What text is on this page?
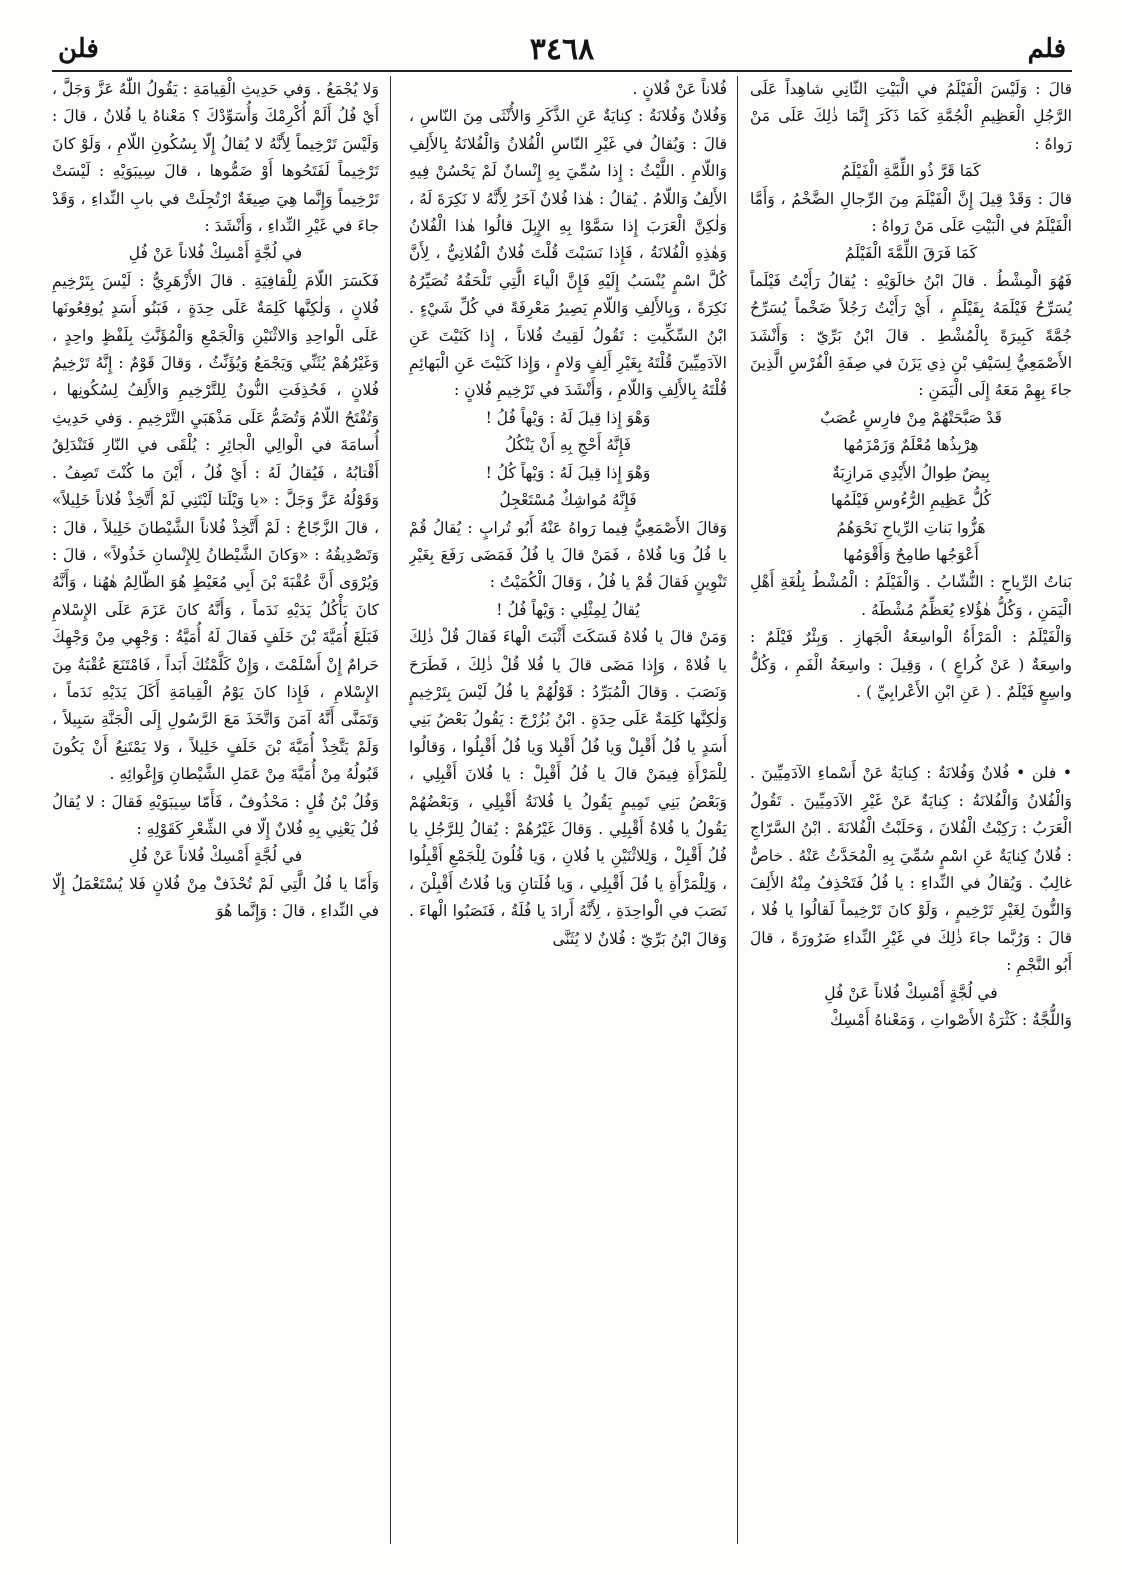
فلن	٣٤٦٨	فلم

قالَ : وَلَيْسَ الْفَيْلَمُ في الْبَيْتِ الثّانِي شاهِداً عَلَى الرَّجُلِ الْعَظِيمِ الْجُمَّةِ كَمَا ذَكَرَ إِنَّمَا ذٰلِكَ عَلَى مَنْ رَواهُ :

كَمَا قَرَّ ذُو اللِّمَّةِ الْفَيْلَمُ

قالَ : وَقَدْ قِيلَ إِنَّ الْفَيْلَمَ مِنَ الرِّجالِ الضَّخْمُ ، وَأَمَّا الْفَيْلَمُ في الْبَيْتِ عَلَى مَنْ رَواهُ :

كَمَا فَرَقَ اللِّمَّةَ الْفَيْلَمُ

فَهُوَ الْمِشْطُ . قالَ ابْنُ خالَوَيْهِ : يُقالُ رَأَيْتُ فَيْلَماً يُسَرِّحُ فَيْلَمَهُ بِفَيْلَمٍ ، أَيْ رَأَيْتُ رَجُلاً ضَخْماً يُسَرِّحُ جُمَّةً كَبِيرَةً بِالْمُشْطِ . قالَ ابْنُ بَرِّيّ : وَأَنْشَدَ الأَصْمَعِيُّ لِسَيْفِ بْنِ ذِي يَزَنَ في صِفَةِ الْفُرْسِ الَّذِينَ جاءَ بِهِمْ مَعَهُ إِلَى الْيَمَنِ :

قَدْ صَبَّحَتْهُمْ مِنْ فارِسٍ عُصَبٌ

هِرْبِذُها مُعْلَمٌ وَزَمْزَمُها

بِيضٌ طِوالُ الأَيْدِي مَرازِبَةٌ

كُلُّ عَظِيمِ الرُّءُوسِ فَيْلَمُها

هَزُّوا بَناتِ الرِّياحِ نَحْوَهُمُ

أَعْوَجُها طامِحٌ وَأَقْوَمُها

بَناتُ الرِّياحِ : النُّشّابُ . وَالْفَيْلَمُ : الْمُشْطُ بِلُغَةِ أَهْلِ الْيَمَنِ ، وَكُلُّ هٰؤُلاءِ يُعَظِّمُ مُشْطَهُ .

وَالْفَيْلَمُ : الْمَرْأَةُ الْواسِعَةُ الْجَهازِ . وَبِئْرٌ فَيْلَمٌ : واسِعَةٌ ( عَنْ كُراعٍ ) ، وَقِيلَ : واسِعَةُ الْفَمِ ، وَكُلُّ واسِعٍ فَيْلَمٌ . ( عَنِ ابْنِ الأَعْرابِيِّ ) .

• فلن • فُلانٌ وَفُلانَةُ : كِنايَةٌ عَنْ أَسْماءِ الآدَمِيِّينَ . وَالْفُلانُ وَالْفُلانَةُ : كِنايَةٌ عَنْ غَيْرِ الآدَمِيِّينَ . تَقُولُ الْعَرَبُ : رَكِبْتُ الْفُلانَ ، وَحَلَبْتُ الْفُلانَةَ . ابْنُ السَّرّاجِ : فُلانٌ كِنايَةٌ عَنِ اسْمٍ سُمِّيَ بِهِ الْمُحَدَّثُ عَنْهُ . خاصٌّ غالِبٌ . وَيُقالُ في النِّداءِ : يا فُلُ فَتَحْذِفُ مِنْهُ الأَلِفَ وَالنُّونَ لِغَيْرِ تَرْخِيمٍ ، وَلَوْ كانَ تَرْخِيماً لَقالُوا يا فُلا ، قالَ : وَرُبَّما جاءَ ذٰلِكَ في غَيْرِ النِّداءِ ضَرُورَةً ، قالَ أَبُو النَّجْمِ :

في لُجَّةٍ أَمْسِكْ فُلاناً عَنْ فُلِ

وَاللُّجَّةُ : كَثْرَةُ الأَصْواتِ ، وَمَعْناهُ أَمْسِكْ

فُلاناً عَنْ فُلانٍ .

وَفُلانٌ وَفُلانَةُ : كِنايَةٌ عَنِ الذَّكَرِ وَالأُنْثَى مِنَ النّاسِ ، قالَ : وَيُقالُ في غَيْرِ النّاسِ الْفُلانُ وَالْفُلانَةُ بِالأَلِفِ وَاللّامِ . اللَّيْثُ : إِذا سُمِّيَ بِهِ إِنْسانٌ لَمْ يَحْسُنْ فِيهِ الأَلِفُ وَاللّامُ . يُقالُ : هٰذا فُلانٌ آخَرُ لِأَنَّهُ لا نَكِرَةَ لَهُ ، وَلٰكِنَّ الْعَرَبَ إِذا سَمَّوْا بِهِ الإِبِلَ قالُوا هٰذا الْفُلانُ وَهٰذِهِ الْفُلانَةُ ، فَإِذا نَسَبْتَ قُلْتَ فُلانٌ الْفُلانِيُّ ، لِأَنَّ كُلَّ اسْمٍ يُنْسَبُ إِلَيْهِ فَإِنَّ الْياءَ الَّتِي تَلْحَقُهُ تُصَيِّرُهُ نَكِرَةً ، وَبِالأَلِفِ وَاللّامِ يَصِيرُ مَعْرِفَةً في كُلِّ شَيْءٍ . ابْنُ السِّكِّيتِ : تَقُولُ لَقِيتُ فُلاناً ، إِذا كَنَيْتَ عَنِ الآدَمِيِّينَ قُلْتَهُ بِغَيْرِ أَلِفٍ وَلامٍ ، وَإِذا كَنَيْتَ عَنِ الْبَهائِمِ قُلْتَهُ بِالأَلِفِ وَاللّامِ ، وَأَنْشَدَ في تَرْخِيمِ فُلانٍ :

وَهْوَ إِذا قِيلَ لَهُ : وَيْهاً فُلُ !

فَإِنَّهُ أَحْجِ بِهِ أَنْ يَنْكُلُ

وَهْوَ إِذا قِيلَ لَهُ : وَيْهاً كُلُ !

فَإِنَّهُ مُواشِكٌ مُسْتَعْجِلُ

وَقالَ الأَصْمَعِيُّ فِيما رَواهُ عَنْهُ أَبُو تُرابٍ : يُقالُ قُمْ يا فُلُ وَيا فُلاهُ ، فَمَنْ قالَ يا فُلُ فَمَضَى رَفَعَ بِغَيْرِ تَنْوِينٍ فَقالَ قُمْ يا فُلُ ، وَقالَ الْكُمَيْتُ :

يُقالُ لِمِثْلِي : وَيْهاً فُلُ !

وَمَنْ قالَ يا فُلاهُ فَسَكَتَ أَثْبَتَ الْهاءَ فَقالَ قُلْ ذٰلِكَ يا فُلاهْ ، وَإِذا مَضَى قالَ يا فُلا قُلْ ذٰلِكَ ، فَطَرَحَ وَنَصَبَ . وَقالَ الْمُبَرِّدُ : قَوْلُهُمْ يا فُلُ لَيْسَ بِتَرْخِيمٍ وَلٰكِنَّها كَلِمَةٌ عَلَى حِدَةٍ . ابْنُ بُزُرْجَ : يَقُولُ بَعْضُ بَنِي أَسَدٍ يا فُلُ أَقْبِلْ وَيا فُلُ أَقْبِلا وَيا فُلُ أَقْبِلُوا ، وَقالُوا لِلْمَرْأَةِ فِيمَنْ قالَ يا فُلُ أَقْبِلْ : يا فُلانَ أَقْبِلِي ، وَبَعْضُ بَنِي تَمِيمٍ يَقُولُ يا فُلانَةُ أَقْبِلِي ، وَبَعْضُهُمْ يَقُولُ يا فُلاةُ أَقْبِلِي . وَقالَ غَيْرُهُمْ : يُقالُ لِلرَّجُلِ يا فُلُ أَقْبِلْ ، وَلِلاثْنَيْنِ يا فُلانِ ، وَيا فُلُونَ لِلْجَمْعِ أَقْبِلُوا ، وَلِلْمَرْأَةِ يا فُلَ أَقْبِلِي ، وَيا فُلَتانِ وَيا فُلاتُ أَقْبِلْنَ ، نَصَبَ في الْواحِدَةِ ، لِأَنَّهُ أَرادَ يا فُلَةُ ، فَنَصَبُوا الْهاءَ . وَقالَ ابْنُ بَرِّيّ : فُلانٌ لا يُثَنَّى

وَلا يُجْمَعُ . وَفي حَدِيثِ الْقِيامَةِ : يَقُولُ اللّٰهُ عَزَّ وَجَلَّ ، أَيْ فُلُ أَلَمْ أُكْرِمْكَ وَأُسَوِّدْكَ ؟ مَعْناهُ يا فُلانُ ، قالَ : وَلَيْسَ تَرْخِيماً لِأَنَّهُ لا يُقالُ إِلّا بِسُكُونِ اللّامِ ، وَلَوْ كانَ تَرْخِيماً لَفَتَحُوها أَوْ ضَمُّوها ، قالَ سِيبَوَيْهِ : لَيْسَتْ تَرْخِيماً وَإِنَّما هِيَ صِيغَةٌ ارْتُجِلَتْ في بابِ النِّداءِ ، وَقَدْ جاءَ في غَيْرِ النِّداءِ ، وَأَنْشَدَ :

في لُجَّةٍ أَمْسِكْ فُلاناً عَنْ فُلِ

فَكَسَرَ اللّامَ لِلْقافِيَةِ . قالَ الأَزْهَرِيُّ : لَيْسَ بِتَرْخِيمِ فُلانٍ ، وَلٰكِنَّها كَلِمَةٌ عَلَى حِدَةٍ ، فَبَنُو أَسَدٍ يُوقِعُونَها عَلَى الْواحِدِ وَالاثْنَيْنِ وَالْجَمْعِ وَالْمُؤَنَّثِ بِلَفْظٍ واحِدٍ ، وَغَيْرُهُمْ يُثَنِّي وَيَجْمَعُ وَيُؤَنِّثُ ، وَقالَ قَوْمٌ : إِنَّهُ تَرْخِيمُ فُلانٍ ، فَحُذِفَتِ النُّونُ لِلتَّرْخِيمِ وَالأَلِفُ لِسُكُونِها ، وَتُفْتَحُ اللّامُ وَتُضَمُّ عَلَى مَذْهَبَيِ التَّرْخِيمِ . وَفي حَدِيثِ أُسامَةَ في الْوالِي الْجائِرِ : يُلْقَى في النّارِ فَتَنْدَلِقُ أَقْتابُهُ ، فَيُقالُ لَهُ : أَيْ فُلُ ، أَيْنَ ما كُنْتَ تَصِفُ . وَقَوْلُهُ عَزَّ وَجَلَّ : «يا وَيْلَتا لَيْتَنِي لَمْ أَتَّخِذْ فُلاناً خَلِيلاً» ، قالَ الزَّجّاجُ : لَمْ أَتَّخِذْ فُلاناً الشَّيْطانَ خَلِيلاً ، قالَ : وَتَصْدِيقُهُ : «وَكانَ الشَّيْطانُ لِلإِنْسانِ خَذُولاً» ، قالَ : وَيُرْوَى أَنَّ عُقْبَةَ بْنَ أَبِي مُعَيْطٍ هُوَ الظّالِمُ هٰهُنا ، وَأَنَّهُ كانَ يَأْكُلُ يَدَيْهِ نَدَماً ، وَأَنَّهُ كانَ عَزَمَ عَلَى الإِسْلامِ فَبَلَغَ أُمَيَّةَ بْنَ خَلَفٍ فَقالَ لَهُ أُمَيَّةُ : وَجْهِي مِنْ وَجْهِكَ حَرامٌ إِنْ أَسْلَمْتَ ، وَإِنْ كَلَّمْتُكَ أَبَداً ، فَامْتَنَعَ عُقْبَةُ مِنَ الإِسْلامِ ، فَإِذا كانَ يَوْمُ الْقِيامَةِ أَكَلَ يَدَيْهِ نَدَماً ، وَتَمَنَّى أَنَّهُ آمَنَ وَاتَّخَذَ مَعَ الرَّسُولِ إِلَى الْجَنَّةِ سَبِيلاً ، وَلَمْ يَتَّخِذْ أُمَيَّةَ بْنَ خَلَفٍ خَلِيلاً ، وَلا يَمْتَنِعُ أَنْ يَكُونَ قَبُولُهُ مِنْ أُمَيَّةَ مِنْ عَمَلِ الشَّيْطانِ وَإِغْوائِهِ .

وَفُلُ بْنُ فُلٍ : مَحْذُوفٌ ، فَأَمّا سِيبَوَيْهِ فَقالَ : لا يُقالُ فُلُ يَعْنِي بِهِ فُلانٌ إِلّا في الشِّعْرِ كَقَوْلِهِ :

في لُجَّةٍ أَمْسِكْ فُلاناً عَنْ فُلِ

وَأَمّا يا فُلُ الَّتِي لَمْ تُحْذَفْ مِنْ فُلانٍ فَلا يُسْتَعْمَلُ إِلّا في النِّداءِ ، قالَ : وَإِنَّما هُوَ
